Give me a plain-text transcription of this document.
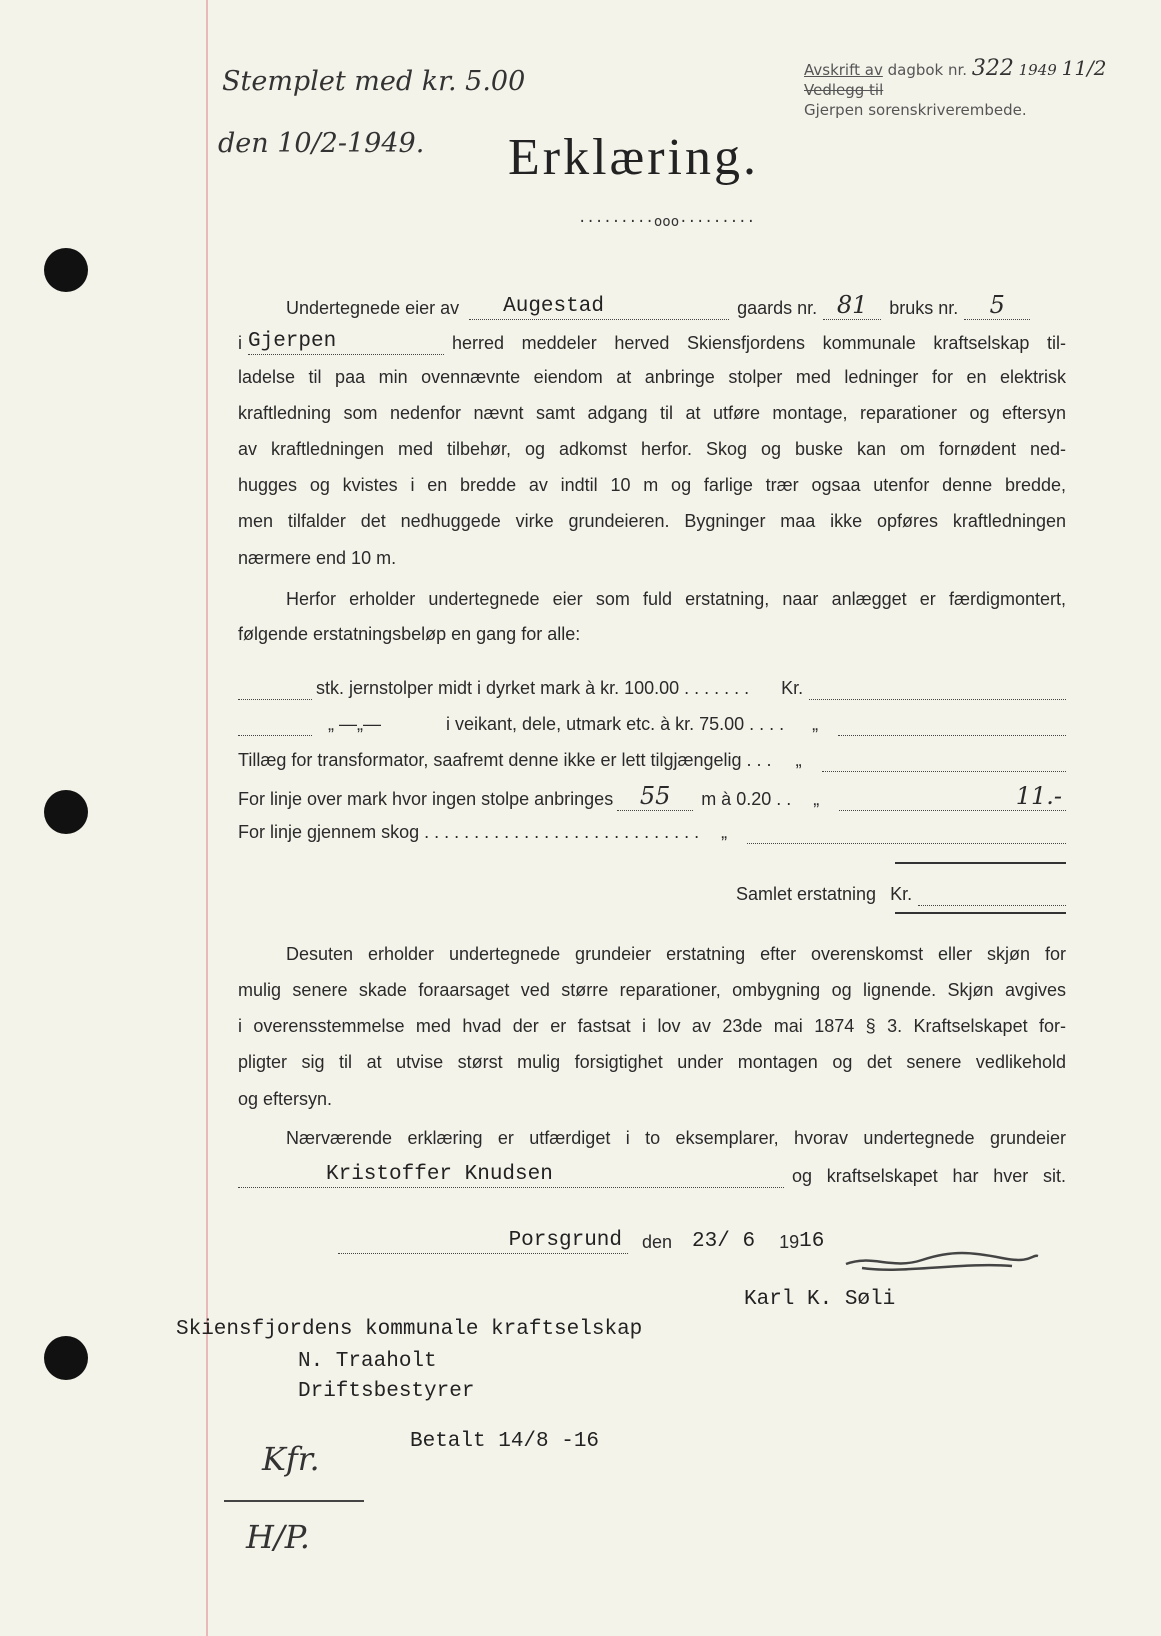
Stemplet med kr. 5.00
den 10/2-1949.
Avskrift av dagbok nr. 322 1949 11/2
Vedlegg til
Gjerpen sorenskriverembede.
Erklæring.
·········ooo·········
Undertegnede eier av	Augestad	gaards nr. 81	bruks nr.	5
i Gjerpen	herred meddeler herved Skiensfjordens kommunale kraftselskap til-
ladelse til paa min ovennævnte eiendom at anbringe stolper med ledninger for en elektrisk
kraftledning som nedenfor nævnt samt adgang til at utføre montage, reparationer og eftersyn
av kraftledningen med tilbehør, og adkomst herfor. Skog og buske kan om fornødent ned-
hugges og kvistes i en bredde av indtil 10 m og farlige trær ogsaa utenfor denne bredde,
men tilfalder det nedhuggede virke grundeieren. Bygninger maa ikke opføres kraftledningen
nærmere end 10 m.
Herfor erholder undertegnede eier som fuld erstatning, naar anlægget er færdigmontert,
følgende erstatningsbeløp en gang for alle:
stk. jernstolper midt i dyrket mark à kr. 100.00 . . . . . . . Kr.
„ —„—	i veikant, dele, utmark etc. à kr. 75.00 . . . . „
Tillæg for transformator, saafremt denne ikke er lett tilgjængelig . . . „
For linje over mark hvor ingen stolpe anbringes	55	m à 0.20 . . „	11.-
For linje gjennem skog . . . . . . . . . . . . . . . . . . . . . . . . . . . . „
Samlet erstatning Kr.
Desuten erholder undertegnede grundeier erstatning efter overenskomst eller skjøn for
mulig senere skade foraarsaget ved større reparationer, ombygning og lignende. Skjøn avgives
i overensstemmelse med hvad der er fastsat i lov av 23de mai 1874 § 3. Kraftselskapet for-
pligter sig til at utvise størst mulig forsigtighet under montagen og det senere vedlikehold
og eftersyn.
Nærværende erklæring er utfærdiget i to eksemplarer, hvorav undertegnede grundeier
Kristoffer Knudsen	og kraftselskapet har hver sit.
Porsgrund	den 23/ 6 19 16
Karl K. Søli
Skiensfjordens kommunale kraftselskap
N. Traaholt
Driftsbestyrer
Betalt 14/8 -16
Kfr.
H/P.
